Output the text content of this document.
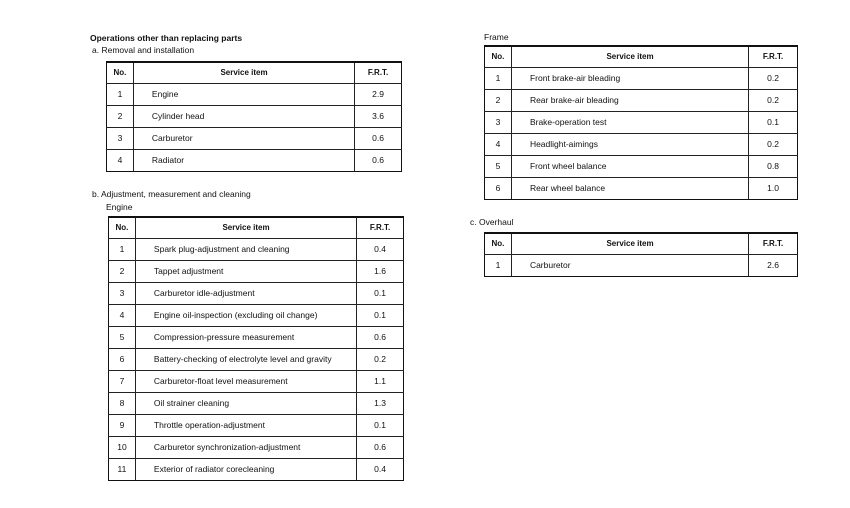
Operations other than replacing parts
a. Removal and installation
No.	Service item	F.R.T.
1	Engine	2.9
2	Cylinder head	3.6
3	Carburetor	0.6
4	Radiator	0.6
b. Adjustment, measurement and cleaning
Engine
No.	Service item	F.R.T.
1	Spark plug-adjustment and cleaning	0.4
2	Tappet adjustment	1.6
3	Carburetor idle-adjustment	0.1
4	Engine oil-inspection (excluding oil change)	0.1
5	Compression-pressure measurement	0.6
6	Battery-checking of electrolyte level and gravity	0.2
7	Carburetor-float level measurement	1.1
8	Oil strainer cleaning	1.3
9	Throttle operation-adjustment	0.1
10	Carburetor synchronization-adjustment	0.6
11	Exterior of radiator corecleaning	0.4
Frame
No.	Service item	F.R.T.
1	Front brake-air bleading	0.2
2	Rear brake-air bleading	0.2
3	Brake-operation test	0.1
4	Headlight-aimings	0.2
5	Front wheel balance	0.8
6	Rear wheel balance	1.0
c. Overhaul
No.	Service item	F.R.T.
1	Carburetor	2.6
